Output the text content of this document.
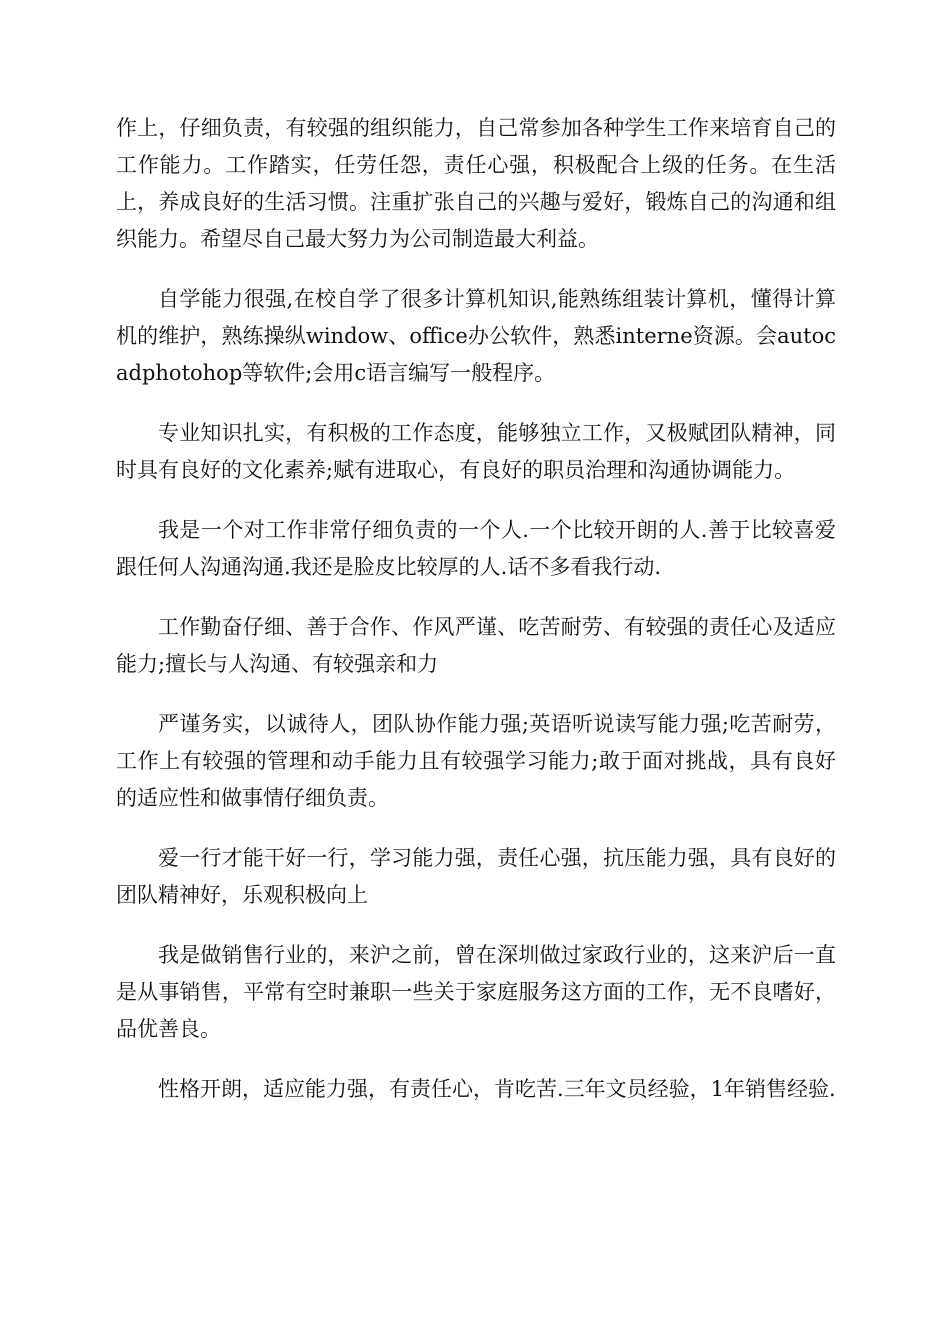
作上，仔细负责，有较强的组织能力，自己常参加各种学生工作来培育自己的工作能力。工作踏实，任劳任怨，责任心强，积极配合上级的任务。在生活上，养成良好的生活习惯。注重扩张自己的兴趣与爱好，锻炼自己的沟通和组织能力。希望尽自己最大努力为公司制造最大利益。

自学能力很强,在校自学了很多计算机知识,能熟练组装计算机，懂得计算机的维护，熟练操纵window、office办公软件，熟悉interne资源。会autocadphotohop等软件;会用c语言编写一般程序。

专业知识扎实，有积极的工作态度，能够独立工作，又极赋团队精神，同时具有良好的文化素养;赋有进取心，有良好的职员治理和沟通协调能力。

我是一个对工作非常仔细负责的一个人.一个比较开朗的人.善于比较喜爱跟任何人沟通沟通.我还是脸皮比较厚的人.话不多看我行动.

工作勤奋仔细、善于合作、作风严谨、吃苦耐劳、有较强的责任心及适应能力;擅长与人沟通、有较强亲和力

严谨务实，以诚待人，团队协作能力强;英语听说读写能力强;吃苦耐劳，工作上有较强的管理和动手能力且有较强学习能力;敢于面对挑战，具有良好的适应性和做事情仔细负责。

爱一行才能干好一行，学习能力强，责任心强，抗压能力强，具有良好的团队精神好，乐观积极向上

我是做销售行业的，来沪之前，曾在深圳做过家政行业的，这来沪后一直是从事销售，平常有空时兼职一些关于家庭服务这方面的工作，无不良嗜好，品优善良。

性格开朗，适应能力强，有责任心，肯吃苦.三年文员经验，1年销售经验.
